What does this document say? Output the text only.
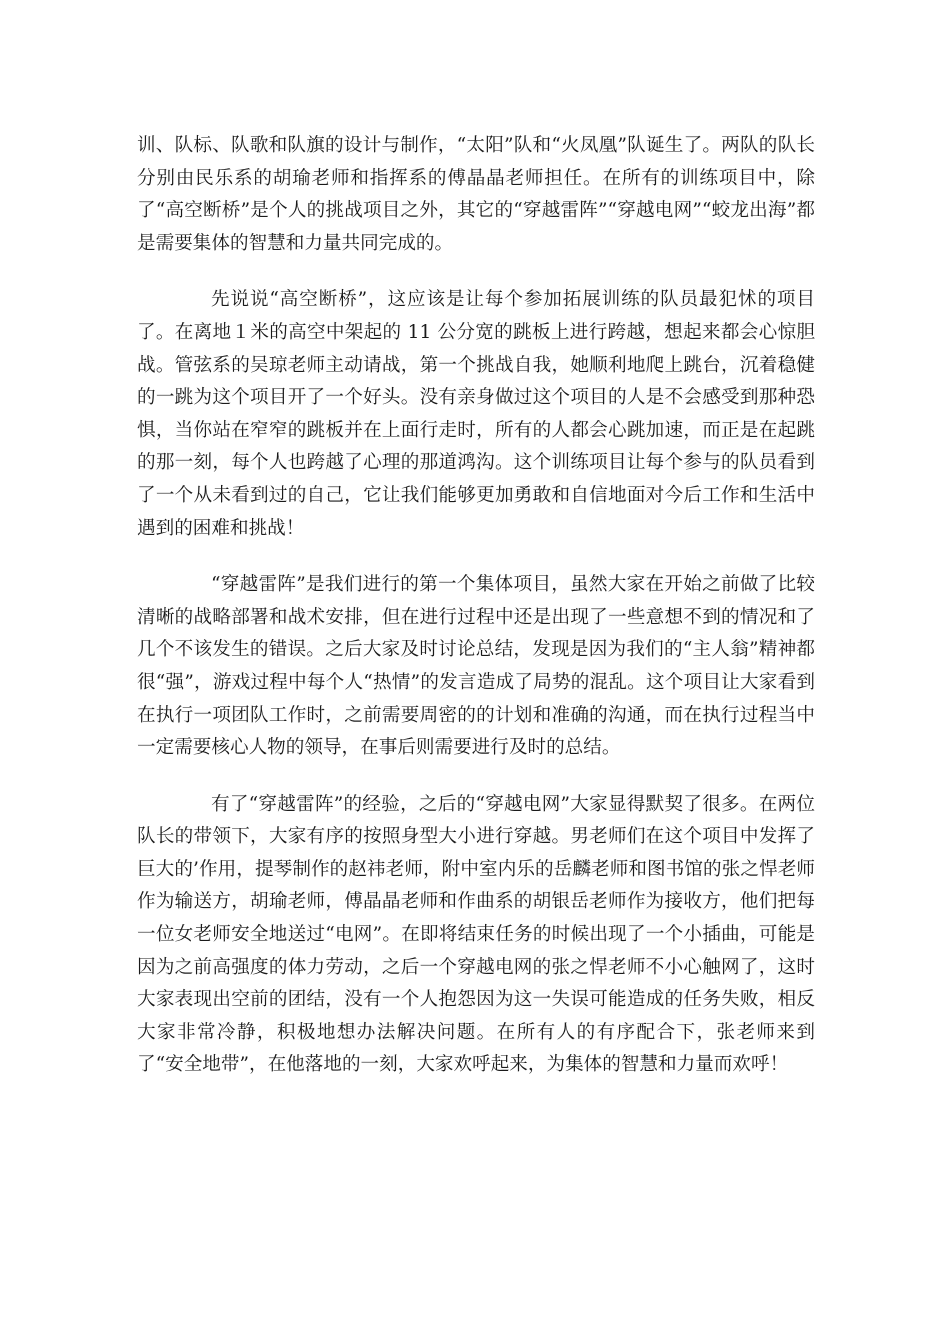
训、队标、队歌和队旗的设计与制作，“太阳”队和“火凤凰”队诞生了。两队的队长分别由民乐系的胡瑜老师和指挥系的傅晶晶老师担任。在所有的训练项目中，除了“高空断桥”是个人的挑战项目之外，其它的“穿越雷阵”“穿越电网”“蛟龙出海”都是需要集体的智慧和力量共同完成的。

先说说“高空断桥”，这应该是让每个参加拓展训练的队员最犯怵的项目了。在离地１米的高空中架起的 11 公分宽的跳板上进行跨越，想起来都会心惊胆战。管弦系的吴琼老师主动请战，第一个挑战自我，她顺利地爬上跳台，沉着稳健的一跳为这个项目开了一个好头。没有亲身做过这个项目的人是不会感受到那种恐惧，当你站在窄窄的跳板并在上面行走时，所有的人都会心跳加速，而正是在起跳的那一刻，每个人也跨越了心理的那道鸿沟。这个训练项目让每个参与的队员看到了一个从未看到过的自己，它让我们能够更加勇敢和自信地面对今后工作和生活中遇到的困难和挑战！

“穿越雷阵”是我们进行的第一个集体项目，虽然大家在开始之前做了比较清晰的战略部署和战术安排，但在进行过程中还是出现了一些意想不到的情况和了几个不该发生的错误。之后大家及时讨论总结，发现是因为我们的“主人翁”精神都很“强”，游戏过程中每个人“热情”的发言造成了局势的混乱。这个项目让大家看到在执行一项团队工作时，之前需要周密的的计划和准确的沟通，而在执行过程当中一定需要核心人物的领导，在事后则需要进行及时的总结。

有了“穿越雷阵”的经验，之后的“穿越电网”大家显得默契了很多。在两位队长的带领下，大家有序的按照身型大小进行穿越。男老师们在这个项目中发挥了巨大的’作用，提琴制作的赵祎老师，附中室内乐的岳麟老师和图书馆的张之悍老师作为输送方，胡瑜老师，傅晶晶老师和作曲系的胡银岳老师作为接收方，他们把每一位女老师安全地送过“电网”。在即将结束任务的时候出现了一个小插曲，可能是因为之前高强度的体力劳动，之后一个穿越电网的张之悍老师不小心触网了，这时大家表现出空前的团结，没有一个人抱怨因为这一失误可能造成的任务失败，相反大家非常冷静，积极地想办法解决问题。在所有人的有序配合下，张老师来到了“安全地带”，在他落地的一刻，大家欢呼起来，为集体的智慧和力量而欢呼！
